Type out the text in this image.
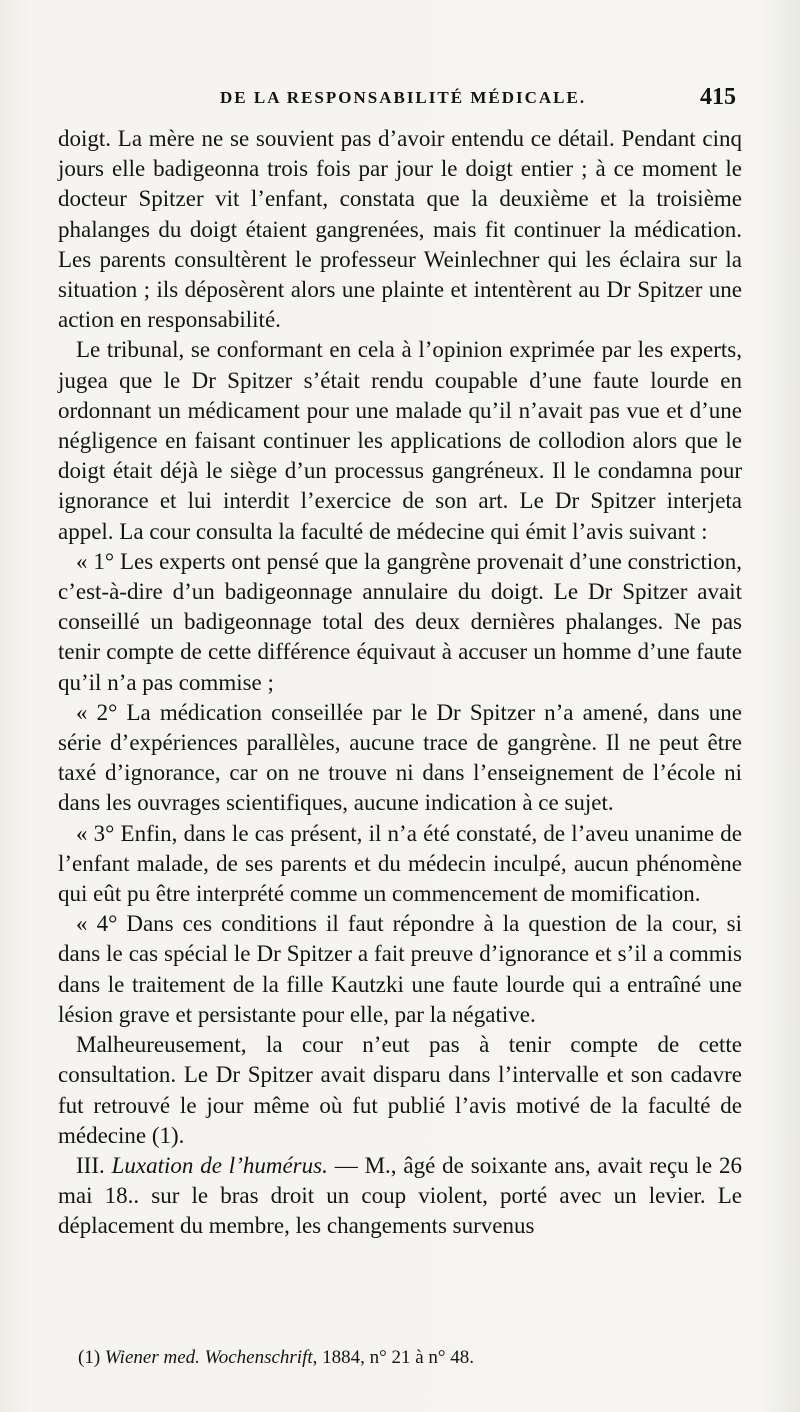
DE LA RESPONSABILITÉ MÉDICALE.	415

doigt. La mère ne se souvient pas d’avoir entendu ce détail. Pendant cinq jours elle badigeonna trois fois par jour le doigt entier ; à ce moment le docteur Spitzer vit l’enfant, constata que la deuxième et la troisième phalanges du doigt étaient gangrenées, mais fit continuer la médication. Les parents consultèrent le professeur Weinlechner qui les éclaira sur la situation ; ils déposèrent alors une plainte et intentèrent au Dr Spitzer une action en responsabilité.

Le tribunal, se conformant en cela à l’opinion exprimée par les experts, jugea que le Dr Spitzer s’était rendu coupable d’une faute lourde en ordonnant un médicament pour une malade qu’il n’avait pas vue et d’une négligence en faisant continuer les applications de collodion alors que le doigt était déjà le siège d’un processus gangréneux. Il le condamna pour ignorance et lui interdit l’exercice de son art. Le Dr Spitzer interjeta appel. La cour consulta la faculté de médecine qui émit l’avis suivant :

« 1° Les experts ont pensé que la gangrène provenait d’une constriction, c’est-à-dire d’un badigeonnage annulaire du doigt. Le Dr Spitzer avait conseillé un badigeonnage total des deux dernières phalanges. Ne pas tenir compte de cette différence équivaut à accuser un homme d’une faute qu’il n’a pas commise ;

« 2° La médication conseillée par le Dr Spitzer n’a amené, dans une série d’expériences parallèles, aucune trace de gangrène. Il ne peut être taxé d’ignorance, car on ne trouve ni dans l’enseignement de l’école ni dans les ouvrages scientifiques, aucune indication à ce sujet.

« 3° Enfin, dans le cas présent, il n’a été constaté, de l’aveu unanime de l’enfant malade, de ses parents et du médecin inculpé, aucun phénomène qui eût pu être interprété comme un commencement de momification.

« 4° Dans ces conditions il faut répondre à la question de la cour, si dans le cas spécial le Dr Spitzer a fait preuve d’ignorance et s’il a commis dans le traitement de la fille Kautzki une faute lourde qui a entraîné une lésion grave et persistante pour elle, par la négative.

Malheureusement, la cour n’eut pas à tenir compte de cette consultation. Le Dr Spitzer avait disparu dans l’intervalle et son cadavre fut retrouvé le jour même où fut publié l’avis motivé de la faculté de médecine (1).

III. Luxation de l’humérus. — M., âgé de soixante ans, avait reçu le 26 mai 18.. sur le bras droit un coup violent, porté avec un levier. Le déplacement du membre, les changements survenus

(1) Wiener med. Wochenschrift, 1884, n° 21 à n° 48.
